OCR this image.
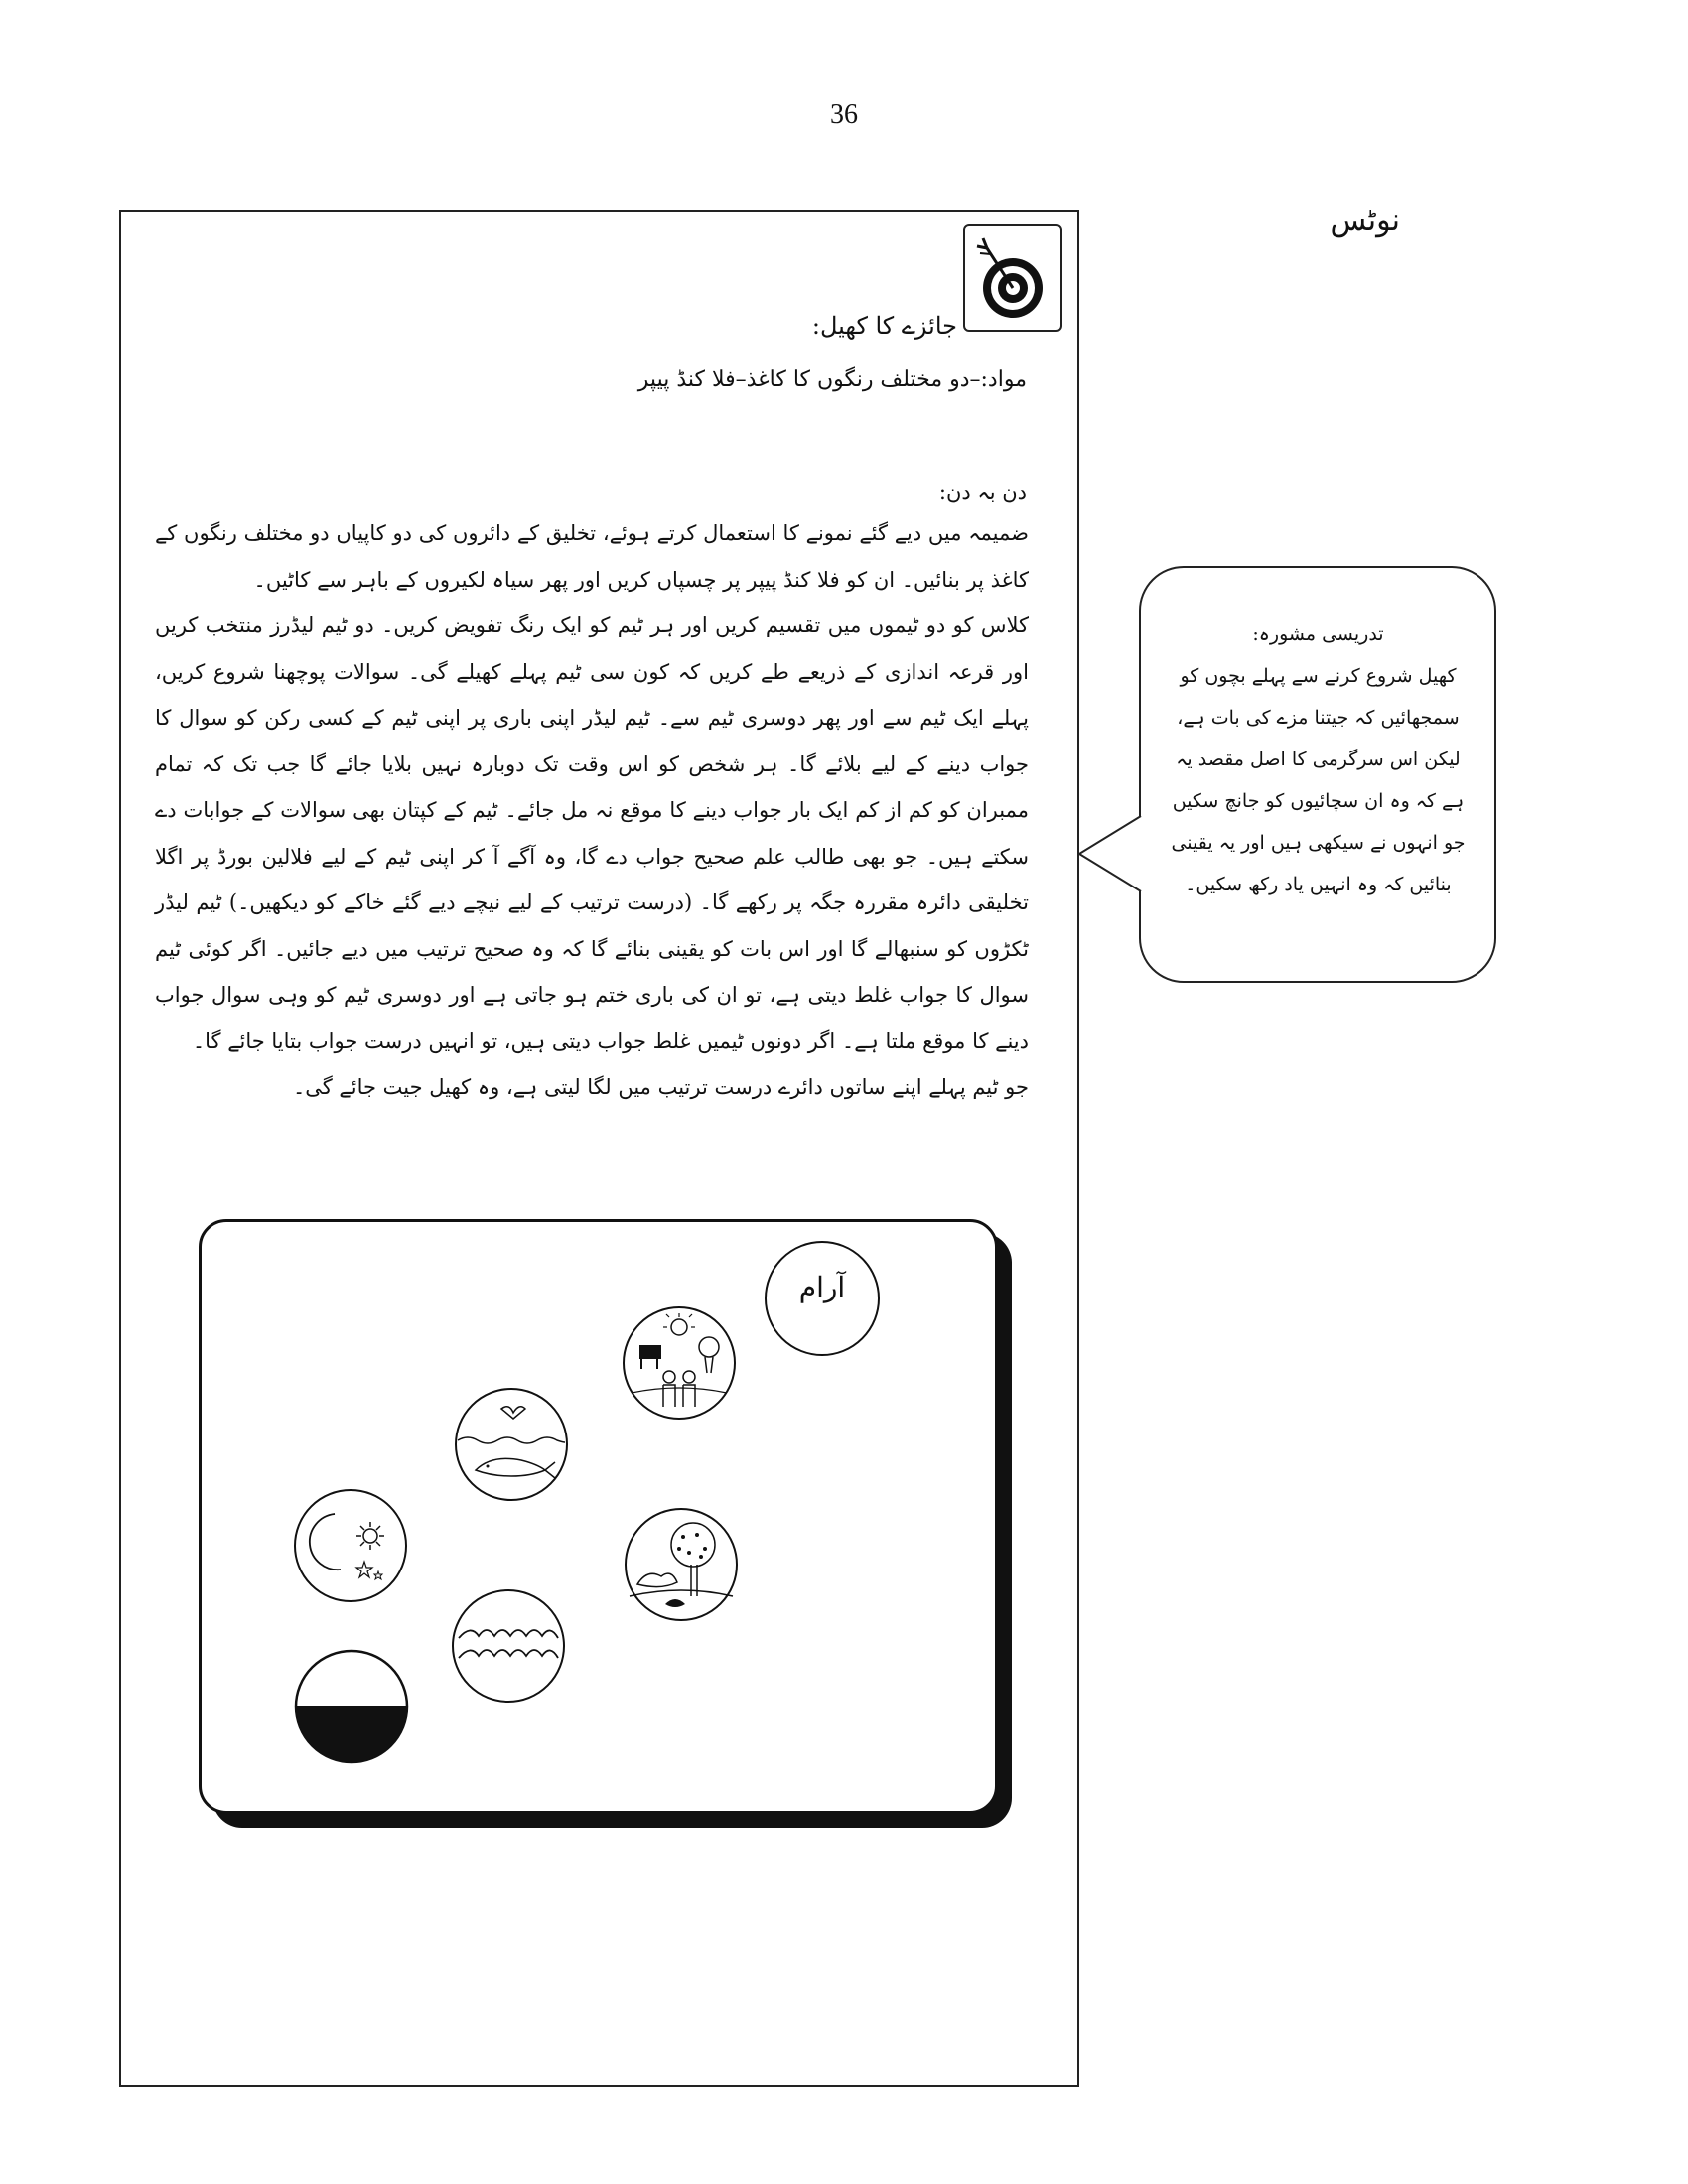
36
نوٹس
جائزے کا کھیل:
مواد:–دو مختلف رنگوں کا کاغذ–فلا کنڈ پیپر
دن بہ دن:

ضمیمہ میں دیے گئے نمونے کا استعمال کرتے ہوئے، تخلیق کے دائروں کی دو کاپیاں دو مختلف رنگوں کے کاغذ پر بنائیں۔ ان کو فلا کنڈ پیپر پر چسپاں کریں اور پھر سیاہ لکیروں کے باہر سے کاٹیں۔

کلاس کو دو ٹیموں میں تقسیم کریں اور ہر ٹیم کو ایک رنگ تفویض کریں۔ دو ٹیم لیڈرز منتخب کریں اور قرعہ اندازی کے ذریعے طے کریں کہ کون سی ٹیم پہلے کھیلے گی۔ سوالات پوچھنا شروع کریں، پہلے ایک ٹیم سے اور پھر دوسری ٹیم سے۔ ٹیم لیڈر اپنی باری پر اپنی ٹیم کے کسی رکن کو سوال کا جواب دینے کے لیے بلائے گا۔ ہر شخص کو اس وقت تک دوبارہ نہیں بلایا جائے گا جب تک کہ تمام ممبران کو کم از کم ایک بار جواب دینے کا موقع نہ مل جائے۔ ٹیم کے کپتان بھی سوالات کے جوابات دے سکتے ہیں۔ جو بھی طالب علم صحیح جواب دے گا، وہ آگے آ کر اپنی ٹیم کے لیے فلالین بورڈ پر اگلا تخلیقی دائرہ مقررہ جگہ پر رکھے گا۔ (درست ترتیب کے لیے نیچے دیے گئے خاکے کو دیکھیں۔) ٹیم لیڈر ٹکڑوں کو سنبھالے گا اور اس بات کو یقینی بنائے گا کہ وہ صحیح ترتیب میں دیے جائیں۔ اگر کوئی ٹیم سوال کا جواب غلط دیتی ہے، تو ان کی باری ختم ہو جاتی ہے اور دوسری ٹیم کو وہی سوال جواب دینے کا موقع ملتا ہے۔ اگر دونوں ٹیمیں غلط جواب دیتی ہیں، تو انہیں درست جواب بتایا جائے گا۔

جو ٹیم پہلے اپنے ساتوں دائرے درست ترتیب میں لگا لیتی ہے، وہ کھیل جیت جائے گی۔

تدریسی مشورہ:

کھیل شروع کرنے سے پہلے بچوں کو سمجھائیں کہ جیتنا مزے کی بات ہے، لیکن اس سرگرمی کا اصل مقصد یہ ہے کہ وہ ان سچائیوں کو جانچ سکیں جو انہوں نے سیکھی ہیں اور یہ یقینی بنائیں کہ وہ انہیں یاد رکھ سکیں۔

آرام
